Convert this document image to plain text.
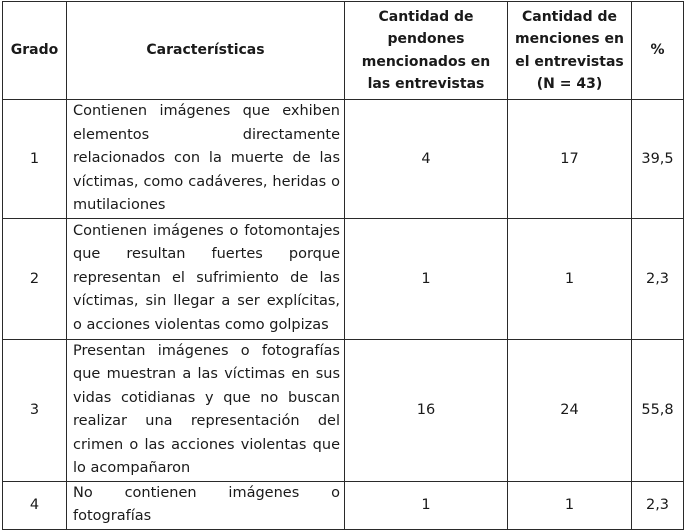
Grado	Características	Cantidad de pendones mencionados en las entrevistas	Cantidad de menciones en el entrevistas (N = 43)	%
1	Contienen imágenes que exhiben elementos directamente relacionados con la muerte de las víctimas, como cadáveres, heridas o mutilaciones	4	17	39,5
2	Contienen imágenes o fotomontajes que resultan fuertes porque representan el sufrimiento de las víctimas, sin llegar a ser explícitas, o acciones violentas como golpizas	1	1	2,3
3	Presentan imágenes o fotografías que muestran a las víctimas en sus vidas cotidianas y que no buscan realizar una representación del crimen o las acciones violentas que lo acompañaron	16	24	55,8
4	No contienen imágenes o fotografías	1	1	2,3
